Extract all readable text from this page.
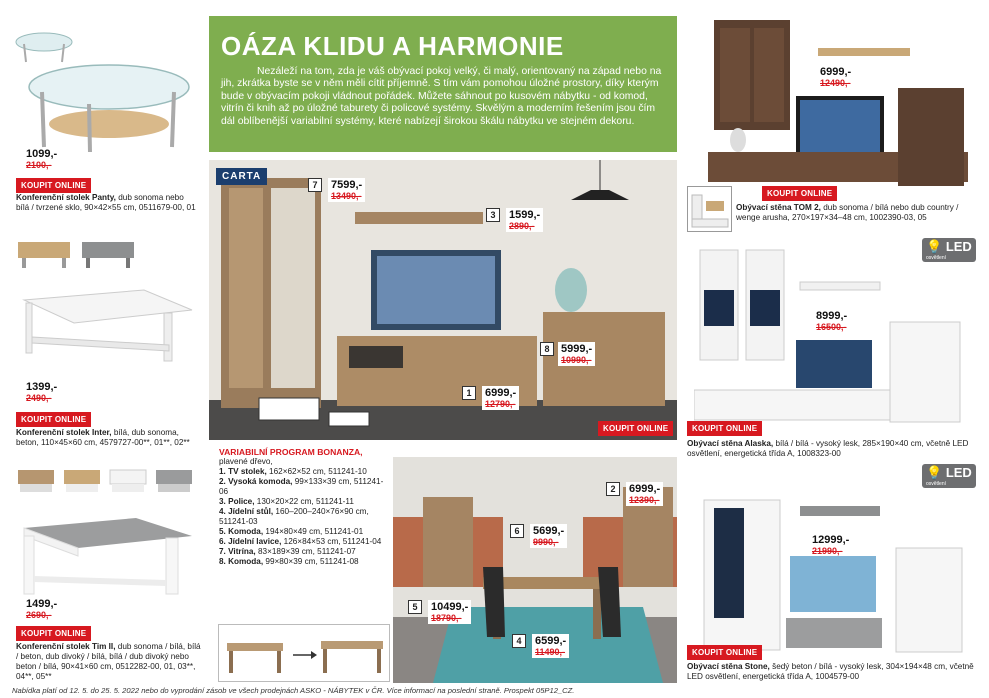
1099,-
2100,-
KOUPIT ONLINE
Konferenční stolek Panty, dub sonoma nebo bílá / tvrzené sklo, 90×42×55 cm, 0511679-00, 01
1399,-
2490,-
KOUPIT ONLINE
Konferenční stolek Inter, bílá, dub sonoma, beton, 110×45×60 cm, 4579727-00**, 01**, 02**
1499,-
2690,-
KOUPIT ONLINE
Konferenční stolek Tim II, dub sonoma / bílá, bílá / beton, dub divoký / bílá, bílá / dub divoký nebo beton / bílá, 90×41×60 cm, 0512282-00, 01, 03**, 04**, 05**
OÁZA KLIDU A HARMONIE
Nezáleží na tom, zda je váš obývací pokoj velký, či malý, orientovaný na západ nebo na jih, zkrátka byste se v něm měli cítit příjemně. S tím vám pomohou úložné prostory, díky kterým bude v obývacím pokoji vládnout pořádek. Můžete sáhnout po kusovém nábytku - od komod, vitrín či knih až po úložné taburety či policové systémy. Skvělým a moderním řešením jsou čím dál oblíbenější variabilní systémy, které nabízejí širokou škálu nábytku ve stejném dekoru.
CARTA
7	7599,-
13490,-
3	1599,-
2890,-
8	5999,-
10990,-
1	6999,-
12790,-
KOUPIT ONLINE
VARIABILNÍ PROGRAM BONANZA,
plavené dřevo,
1. TV stolek, 162×62×52 cm, 511241-10
2. Vysoká komoda, 99×133×39 cm, 511241-06
3. Police, 130×20×22 cm, 511241-11
4. Jídelní stůl, 160–200–240×76×90 cm, 511241-03
5. Komoda, 194×80×49 cm, 511241-01
6. Jídelní lavice, 126×84×53 cm, 511241-04
7. Vitrína, 83×189×39 cm, 511241-07
8. Komoda, 99×80×39 cm, 511241-08
2	6999,-
12390,-
6	5699,-
9990,-
5	10499,-
18790,-
4	6599,-
11490,-
6999,-
12490,-
KOUPIT ONLINE
Obývací stěna TOM 2, dub sonoma / bílá nebo dub country / wenge arusha, 270×197×34–48 cm, 1002390-03, 05
💡 LED
osvětlení
8999,-
16500,-
KOUPIT ONLINE
Obývací stěna Alaska, bílá / bílá - vysoký lesk, 285×190×40 cm, včetně LED osvětlení, energetická třída A, 1008323-00
💡 LED
osvětlení
12999,-
21990,-
KOUPIT ONLINE
Obývací stěna Stone, šedý beton / bílá - vysoký lesk, 304×194×48 cm, včetně LED osvětlení, energetická třída A, 1004579-00
Nabídka platí od 12. 5. do 25. 5. 2022 nebo do vyprodání zásob ve všech prodejnách ASKO - NÁBYTEK v ČR. Více informací na poslední straně. Prospekt 05P12_CZ.
